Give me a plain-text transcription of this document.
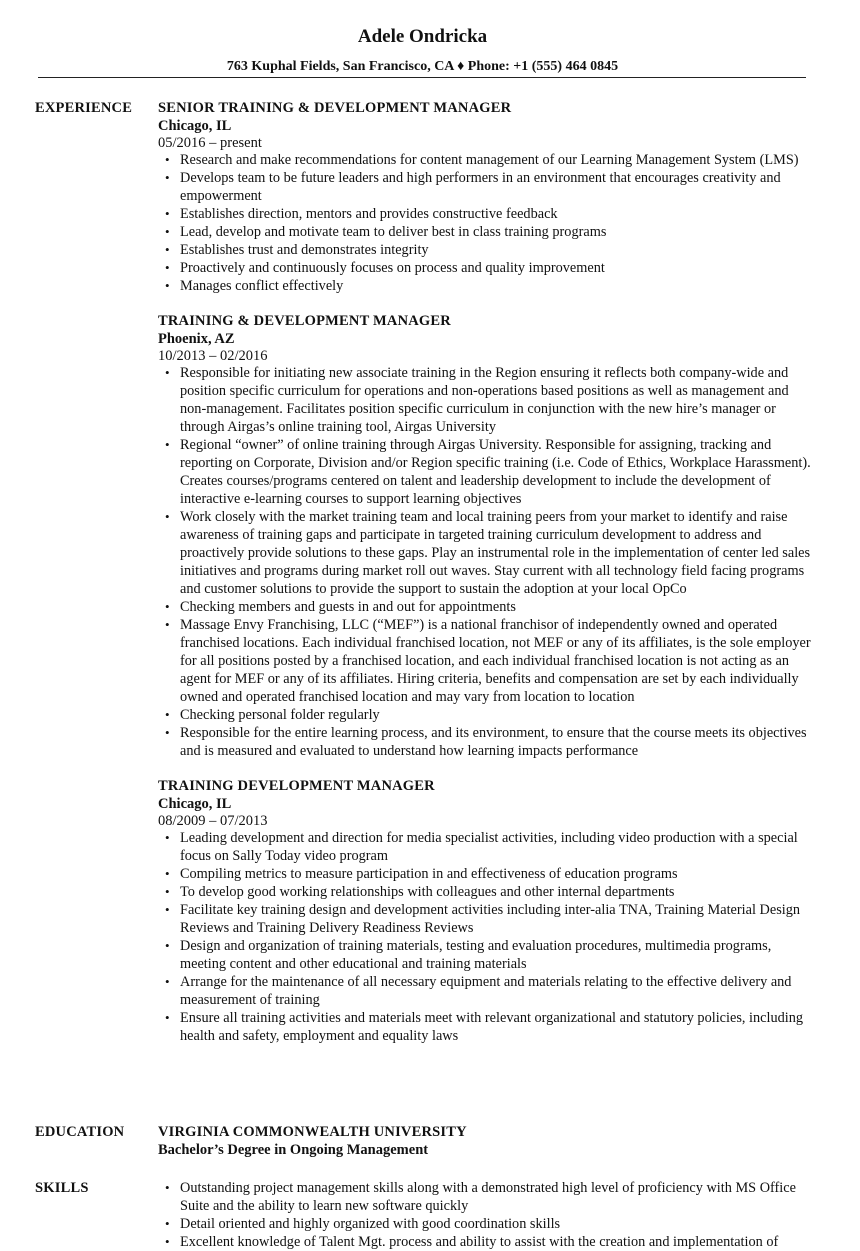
Adele Ondricka
763 Kuphal Fields, San Francisco, CA ♦ Phone: +1 (555) 464 0845
EXPERIENCE SENIOR TRAINING & DEVELOPMENT MANAGER
Chicago, IL
05/2016 – present
• Research and make recommendations for content management of our Learning Management System (LMS)
• Develops team to be future leaders and high performers in an environment that encourages creativity and empowerment
• Establishes direction, mentors and provides constructive feedback
• Lead, develop and motivate team to deliver best in class training programs
• Establishes trust and demonstrates integrity
• Proactively and continuously focuses on process and quality improvement
• Manages conflict effectively
TRAINING & DEVELOPMENT MANAGER
Phoenix, AZ
10/2013 – 02/2016
• Responsible for initiating new associate training in the Region ensuring it reflects both company-wide and position specific curriculum for operations and non-operations based positions as well as management and non-management. Facilitates position specific curriculum in conjunction with the new hire’s manager or through Airgas’s online training tool, Airgas University
• Regional “owner” of online training through Airgas University. Responsible for assigning, tracking and reporting on Corporate, Division and/or Region specific training (i.e. Code of Ethics, Workplace Harassment). Creates courses/programs centered on talent and leadership development to include the development of interactive e-learning courses to support learning objectives
• Work closely with the market training team and local training peers from your market to identify and raise awareness of training gaps and participate in targeted training curriculum development to address and proactively provide solutions to these gaps. Play an instrumental role in the implementation of center led sales initiatives and programs during market roll out waves. Stay current with all technology field facing programs and customer solutions to provide the support to sustain the adoption at your local OpCo
• Checking members and guests in and out for appointments
• Massage Envy Franchising, LLC (“MEF”) is a national franchisor of independently owned and operated franchised locations. Each individual franchised location, not MEF or any of its affiliates, is the sole employer for all positions posted by a franchised location, and each individual franchised location is not acting as an agent for MEF or any of its affiliates. Hiring criteria, benefits and compensation are set by each individually owned and operated franchised location and may vary from location to location
• Checking personal folder regularly
• Responsible for the entire learning process, and its environment, to ensure that the course meets its objectives and is measured and evaluated to understand how learning impacts performance
TRAINING DEVELOPMENT MANAGER
Chicago, IL
08/2009 – 07/2013
• Leading development and direction for media specialist activities, including video production with a special focus on Sally Today video program
• Compiling metrics to measure participation in and effectiveness of education programs
• To develop good working relationships with colleagues and other internal departments
• Facilitate key training design and development activities including inter-alia TNA, Training Material Design Reviews and Training Delivery Readiness Reviews
• Design and organization of training materials, testing and evaluation procedures, multimedia programs, meeting content and other educational and training materials
• Arrange for the maintenance of all necessary equipment and materials relating to the effective delivery and measurement of training
• Ensure all training activities and materials meet with relevant organizational and statutory policies, including health and safety, employment and equality laws
EDUCATION VIRGINIA COMMONWEALTH UNIVERSITY
Bachelor’s Degree in Ongoing Management
SKILLS
•	Outstanding project management skills along with a demonstrated high level of proficiency with MS Office Suite and the ability to learn new software quickly
• Detail oriented and highly organized with good coordination skills
• Excellent knowledge of Talent Mgt. process and ability to assist with the creation and implementation of
